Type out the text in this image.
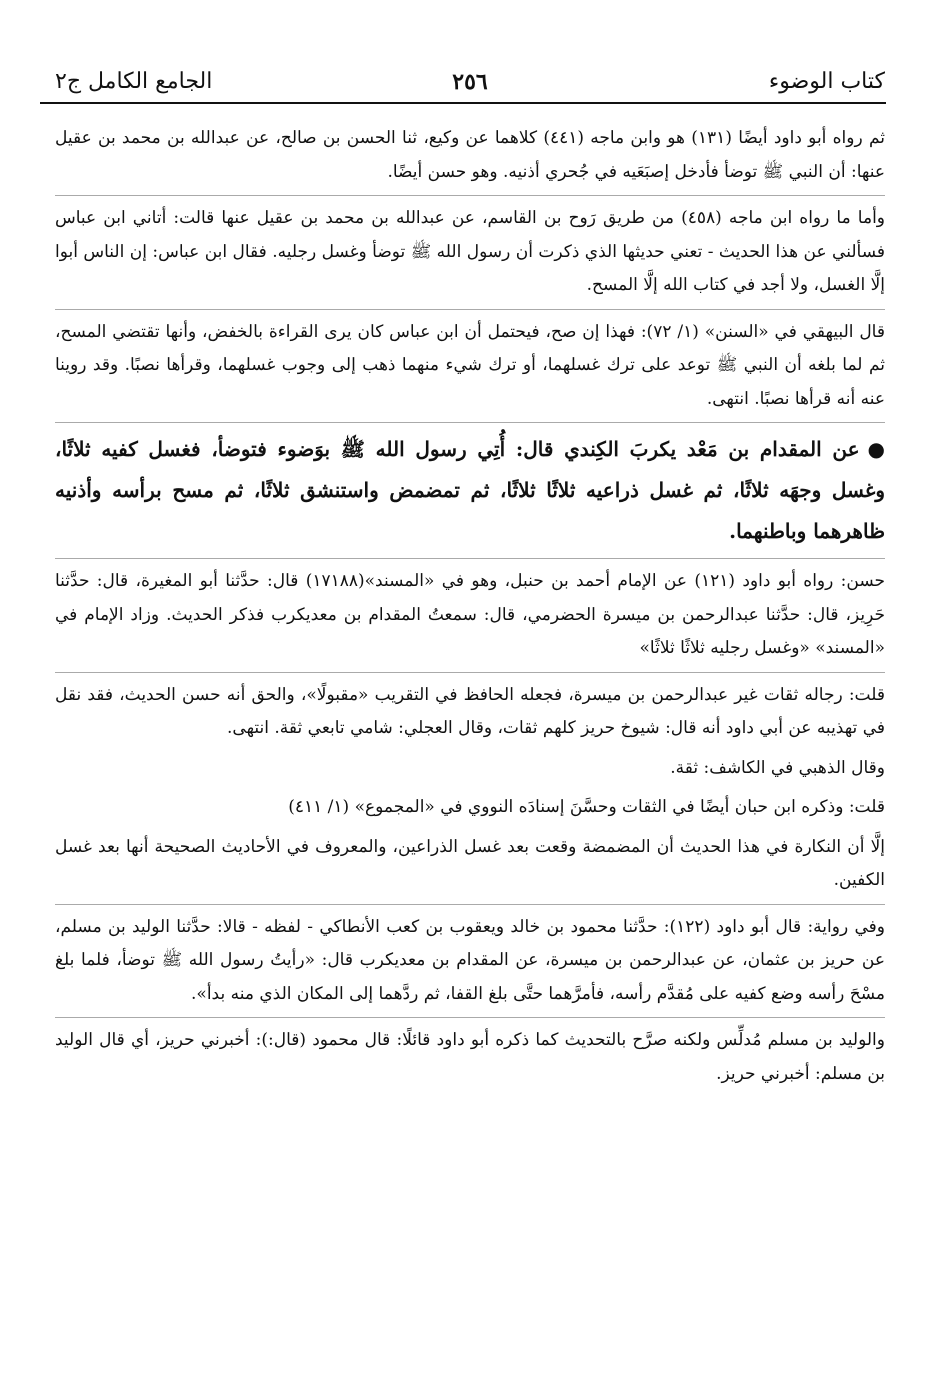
كتاب الوضوء
٢٥٦
الجامع الكامل ج٢

ثم رواه أبو داود أيضًا (١٣١) هو وابن ماجه (٤٤١) كلاهما عن وكيع، ثنا الحسن بن صالح، عن عبدالله بن محمد بن عقيل عنها: أن النبي ﷺ توضأ فأدخل إصبَعَيه في جُحري أذنيه. وهو حسن أيضًا.

وأما ما رواه ابن ماجه (٤٥٨) من طريق رَوح بن القاسم، عن عبدالله بن محمد بن عقيل عنها قالت: أتاني ابن عباس فسألني عن هذا الحديث - تعني حديثها الذي ذكرت أن رسول الله ﷺ توضأ وغسل رجليه. فقال ابن عباس: إن الناس أبوا إلَّا الغسل، ولا أجد في كتاب الله إلَّا المسح.

قال البيهقي في «السنن» (١/ ٧٢): فهذا إن صح، فيحتمل أن ابن عباس كان يرى القراءة بالخفض، وأنها تقتضي المسح، ثم لما بلغه أن النبي ﷺ توعد على ترك غسلهما، أو ترك شيء منهما ذهب إلى وجوب غسلهما، وقرأها نصبًا. وقد روينا عنه أنه قرأها نصبًا. انتهى.

●عن المقدام بن مَعْد يكربَ الكِندي قال: أُتِي رسول الله ﷺ بوَضوء فتوضأ، فغسل كفيه ثلاثًا، وغسل وجهَه ثلاثًا، ثم غسل ذراعيه ثلاثًا ثلاثًا، ثم تمضمض واستنشق ثلاثًا، ثم مسح برأسه وأذنيه ظاهرهما وباطنهما.

حسن: رواه أبو داود (١٢١) عن الإمام أحمد بن حنبل، وهو في «المسند»(١٧١٨٨) قال: حدَّثنا أبو المغيرة، قال: حدَّثنا حَرِيز، قال: حدَّثنا عبدالرحمن بن ميسرة الحضرمي، قال: سمعتُ المقدام بن معديكرب فذكر الحديث. وزاد الإمام في «المسند» «وغسل رجليه ثلاثًا ثلاثًا»

قلت: رجاله ثقات غير عبدالرحمن بن ميسرة، فجعله الحافظ في التقريب «مقبولًا»، والحق أنه حسن الحديث، فقد نقل في تهذيبه عن أبي داود أنه قال: شيوخ حريز كلهم ثقات، وقال العجلي: شامي تابعي ثقة. انتهى.

وقال الذهبي في الكاشف: ثقة.

قلت: وذكره ابن حبان أيضًا في الثقات وحسَّنَ إسنادَه النووي في «المجموع» (١/ ٤١١)

إلَّا أن النكارة في هذا الحديث أن المضمضة وقعت بعد غسل الذراعين، والمعروف في الأحاديث الصحيحة أنها بعد غسل الكفين.

وفي رواية: قال أبو داود (١٢٢): حدَّثنا محمود بن خالد ويعقوب بن كعب الأنطاكي - لفظه - قالا: حدَّثنا الوليد بن مسلم، عن حريز بن عثمان، عن عبدالرحمن بن ميسرة، عن المقدام بن معديكرب قال: «رأيتُ رسول الله ﷺ توضأ، فلما بلغ مسْحَ رأسه وضع كفيه على مُقدَّم رأسه، فأمرَّهما حتَّى بلغ القفا، ثم ردَّهما إلى المكان الذي منه بدأ».

والوليد بن مسلم مُدلِّس ولكنه صرَّح بالتحديث كما ذكره أبو داود قائلًا: قال محمود (قال:): أخبرني حريز، أي قال الوليد بن مسلم: أخبرني حريز.
